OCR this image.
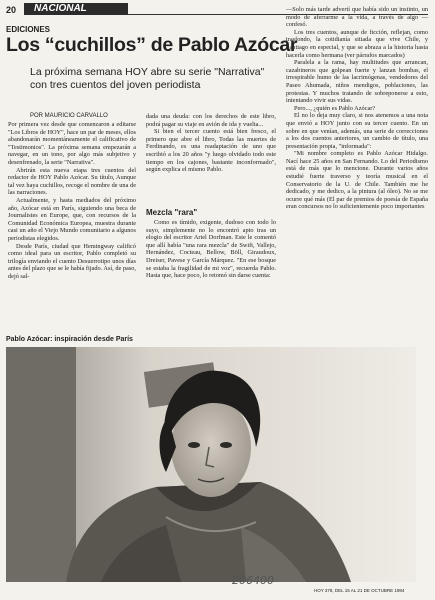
20 NACIONAL
EDICIONES
Los “cuchillos” de Pablo Azócar
La próxima semana HOY abre su serie "Narrativa" con tres cuentos del joven periodista
POR MAURICIO CARVALLO

Por primera vez desde que comenzaron a editarse "Los Libros de HOY", hace un par de meses, ellos abandonarán momentáneamente el calificativo de "Testimonios". La próxima semana empezarán a navegar, en un tono, por algo más subjetivo y desenfrenado, la serie "Narrativa".

Abrirán esta nueva etapa tres cuentos del redactor de HOY Pablo Azócar. Su título, Aunque tal vez haya cuchillos, recoge el nombre de una de las narraciones.

Actualmente, y hasta mediados del próximo año, Azócar está en París, siguiendo una beca de Journalistes en Europe, que, con recursos de la Comunidad Económica Europea, muestra durante casi un año el Viejo Mundo comunitario a algunos periodistas elegidos.

Desde París, ciudad que Hemingway calificó como ideal para un escritor, Pablo completó su trilogía enviando el cuento Desuerrotipo unos días antes del plazo que se le había fijado. Así, de paso, dejó sal-

dada una deuda: con los derechos de este libro, podrá pagar su viaje en avión de ida y vuelta...

Si bien el tercer cuento está bien fresco, el primero que abre el libro, Todas las muertes de Ferdinando, es una readaptación de uno que escribió a los 20 años "y luego olvidado todo este tiempo en los cajones, bastante inconformado", según explica el mismo Pablo.

Mezcla "rara"

Como es tímido, exigente, dudoso con todo lo suyo, simplemente no lo encontró apto tras un elogio del escritor Ariel Dorfman. Este le comentó que allí había "una rara mezcla" de Swift, Vallejo, Hernández, Cocteau, Bellow, Böll, Giraudoux, Dreiser, Pavese y García Márquez. "En ese bosque se estaba la fragilidad de mi voz", recuerda Pablo. Hasta que, hace poco, lo retomó sin darse cuenta:

—Solo más tarde advertí que había sido un instinto, un modo de aferrarme a la vida, a través de algo —confesó.

Los tres cuentos, aunque de ficción, reflejan, como trasfondo, la cotidianía sitiada que vive Chile, y Santiago en especial, y que se abraza a la historia hasta hacerla como hermana (ver párrafos marcados)

Paralela a la rama, hay multitudes que arrancan, cazabineros que golpean fuerte y lanzan bombas, el irrespirable humo de las lacrimógenas, vendedores del Paseo Ahumada, niños mendigos, poblaciones, las protestas. Y muchos tratando de sobreponerse a esto, intentando vivir sus vidas.

Pero..., ¿quién es Pablo Azócar?

El no lo deja muy claro, si nos atenemos a una nota que envió a HOY junto con su tercer cuento. En un sobre en que venían, además, una serie de correcciones a los dos cuentos anteriores, un cambio de título, una presentación propia, "informada":

"Mi nombre completo es Pablo Azócar Hidalgo. Nací hace 25 años en San Fernando. Lo del Periodismo está de más que lo mencione. Durante varios años estudié fuerte traverso y teoría musical en el Conservatorio de la U. de Chile. También me he dedicado, y me dedico, a la pintura (al óleo). No se me ocurre qué más (El par de premios de poesía de España eran concursos no lo suficientemente poco importantes

Pablo Azócar: inspiración desde París
206400
HOY 378, DEL 15 AL 21 DE OCTUBRE 1984
